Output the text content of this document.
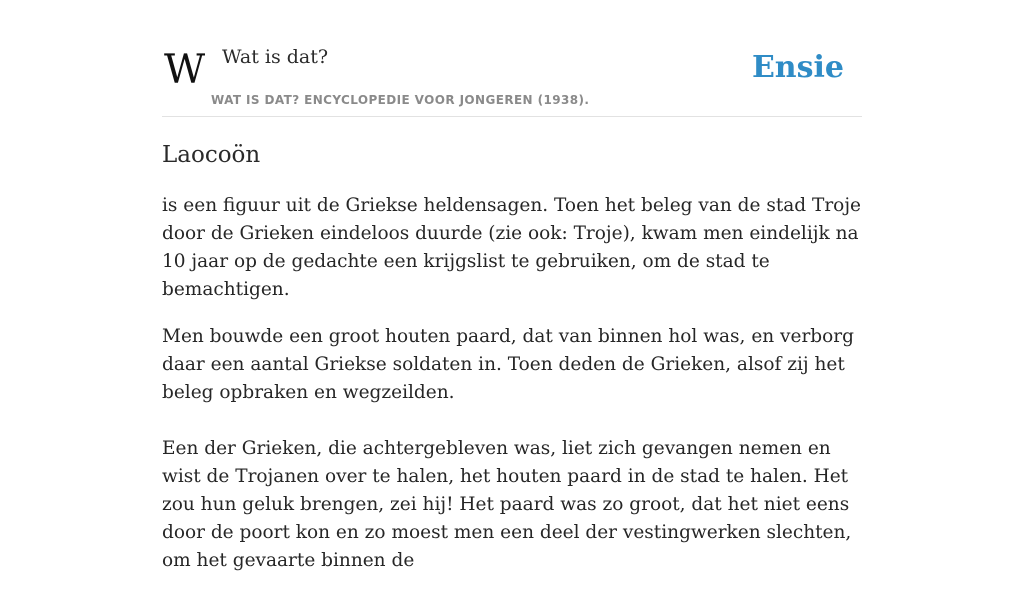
W Wat is dat?
WAT IS DAT? ENCYCLOPEDIE VOOR JONGEREN (1938).
Ensie
Laocoön

is een figuur uit de Griekse heldensagen. Toen het beleg van de stad Troje door de Grieken eindeloos duurde (zie ook: Troje), kwam men eindelijk na 10 jaar op de gedachte een krijgslist te gebruiken, om de stad te bemachtigen.

Men bouwde een groot houten paard, dat van binnen hol was, en verborg daar een aantal Griekse soldaten in. Toen deden de Grieken, alsof zij het beleg opbraken en wegzeilden.

Een der Grieken, die achtergebleven was, liet zich gevangen nemen en wist de Trojanen over te halen, het houten paard in de stad te halen. Het zou hun geluk brengen, zei hij! Het paard was zo groot, dat het niet eens door de poort kon en zo moest men een deel der vestingwerken slechten, om het gevaarte binnen de
